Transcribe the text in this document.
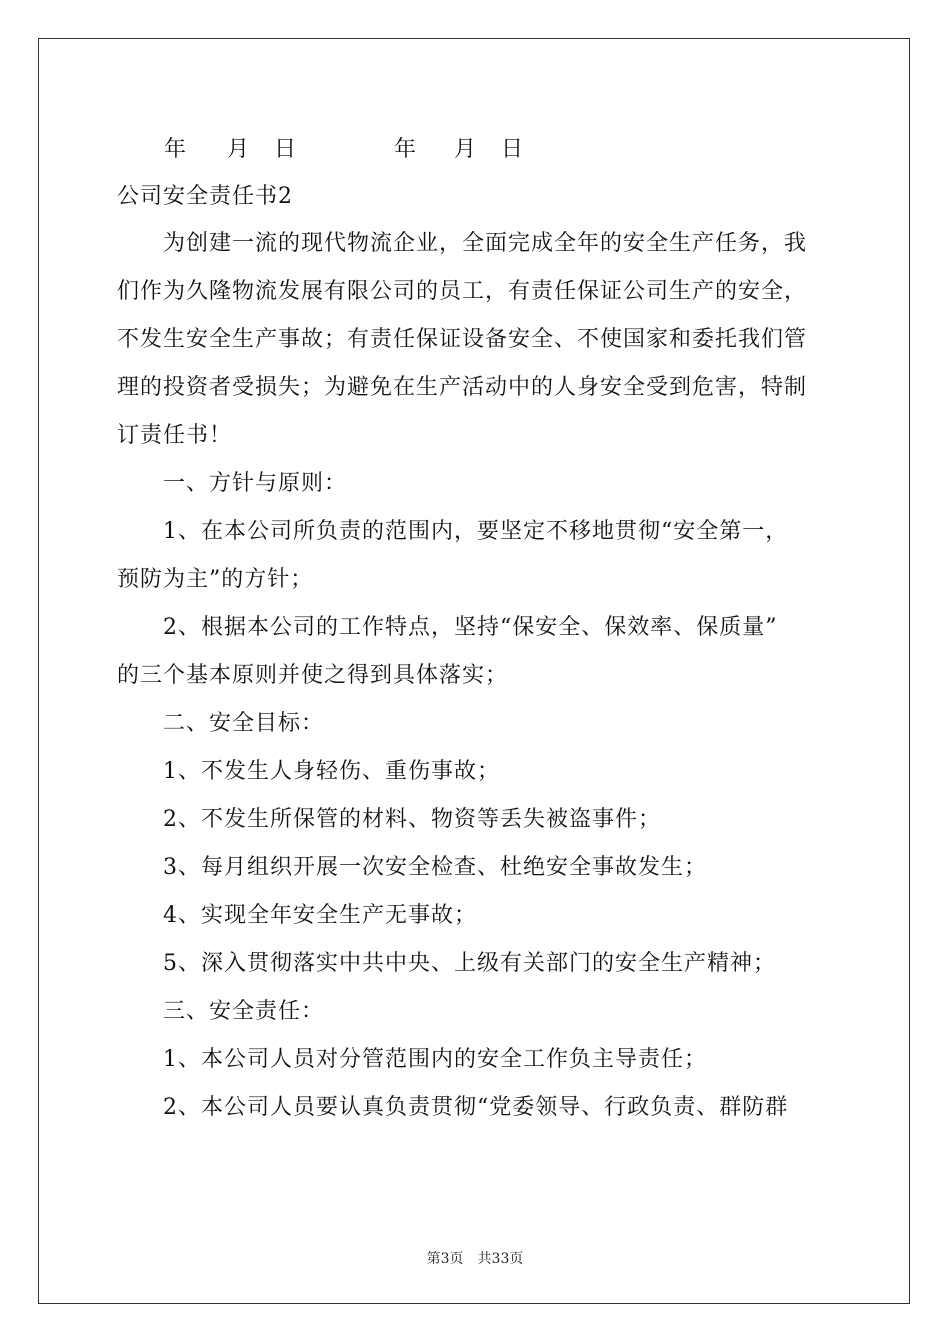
年 月 日	年 月 日
公司安全责任书2
为创建一流的现代物流企业，全面完成全年的安全生产任务，我
们作为久隆物流发展有限公司的员工，有责任保证公司生产的安全，
不发生安全生产事故；有责任保证设备安全、不使国家和委托我们管
理的投资者受损失；为避免在生产活动中的人身安全受到危害，特制
订责任书！
一、方针与原则：
1、在本公司所负责的范围内，要坚定不移地贯彻“安全第一，
预防为主”的方针；
2、根据本公司的工作特点，坚持“保安全、保效率、保质量”
的三个基本原则并使之得到具体落实；
二、安全目标：
1、不发生人身轻伤、重伤事故；
2、不发生所保管的材料、物资等丢失被盗事件；
3、每月组织开展一次安全检查、杜绝安全事故发生；
4、实现全年安全生产无事故；
5、深入贯彻落实中共中央、上级有关部门的安全生产精神；
三、安全责任：
1、本公司人员对分管范围内的安全工作负主导责任；
2、本公司人员要认真负责贯彻“党委领导、行政负责、群防群
第3页　共33页
